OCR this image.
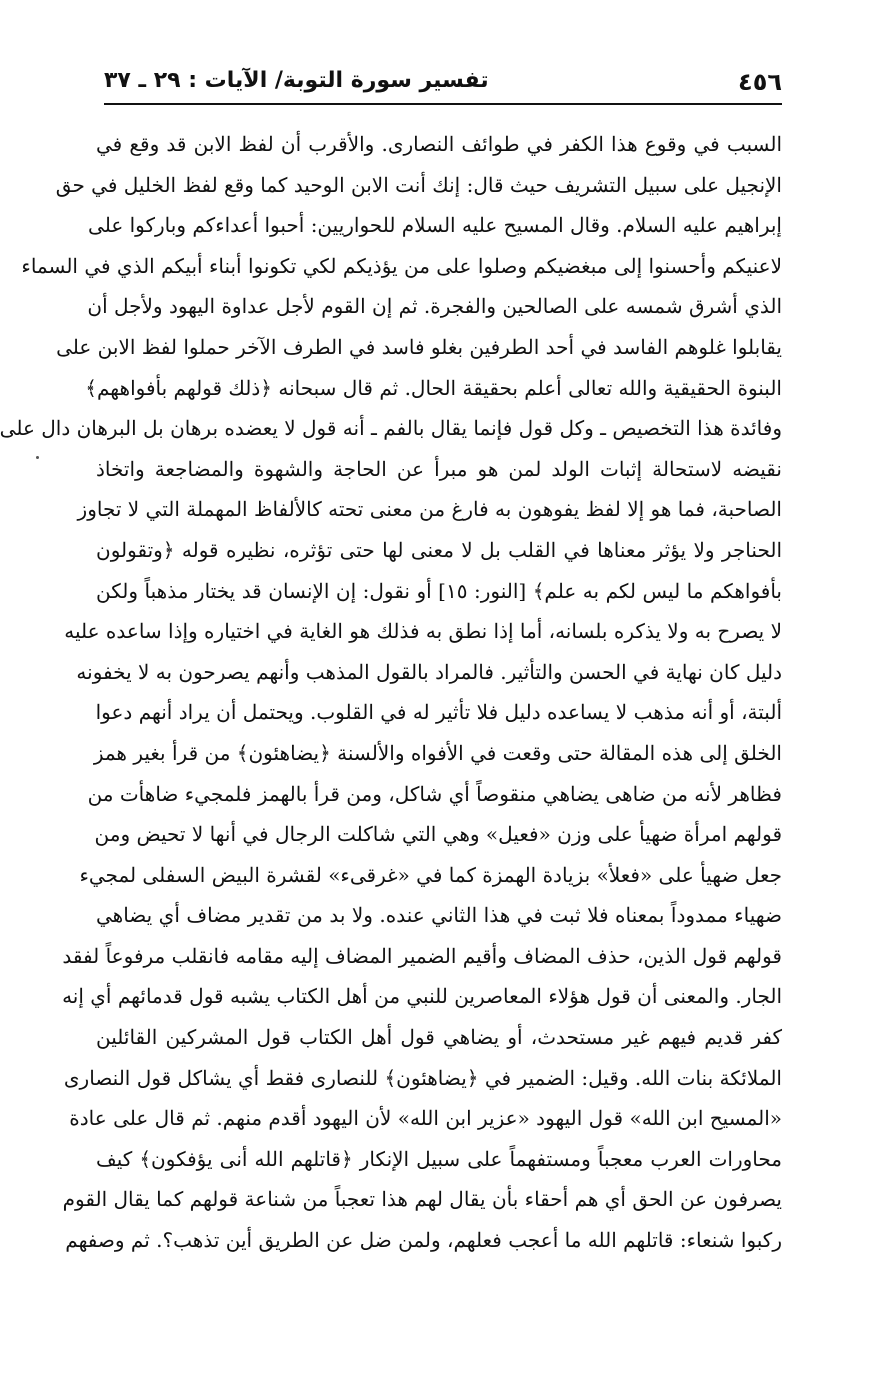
٤٥٦
تفسير سورة التوبة/ الآيات : ٢٩ ـ ٣٧
السبب في وقوع هذا الكفر في طوائف النصارى. والأقرب أن لفظ الابن قد وقع في
الإنجيل على سبيل التشريف حيث قال: إنك أنت الابن الوحيد كما وقع لفظ الخليل في حق
إبراهيم عليه السلام. وقال المسيح عليه السلام للحواريين: أحبوا أعداءكم وباركوا على
لاعنيكم وأحسنوا إلى مبغضيكم وصلوا على من يؤذيكم لكي تكونوا أبناء أبيكم الذي في السماء
الذي أشرق شمسه على الصالحين والفجرة. ثم إن القوم لأجل عداوة اليهود ولأجل أن
يقابلوا غلوهم الفاسد في أحد الطرفين بغلو فاسد في الطرف الآخر حملوا لفظ الابن على
البنوة الحقيقية والله تعالى أعلم بحقيقة الحال. ثم قال سبحانه ﴿ذلك قولهم بأفواههم﴾
وفائدة هذا التخصيص ـ وكل قول فإنما يقال بالفم ـ أنه قول لا يعضده برهان بل البرهان دال على
نقيضه لاستحالة إثبات الولد لمن هو مبرأ عن الحاجة والشهوة والمضاجعة واتخاذ
الصاحبة، فما هو إلا لفظ يفوهون به فارغ من معنى تحته كالألفاظ المهملة التي لا تجاوز
الحناجر ولا يؤثر معناها في القلب بل لا معنى لها حتى تؤثره، نظيره قوله ﴿وتقولون
بأفواهكم ما ليس لكم به علم﴾ [النور: ١٥] أو نقول: إن الإنسان قد يختار مذهباً ولكن
لا يصرح به ولا يذكره بلسانه، أما إذا نطق به فذلك هو الغاية في اختياره وإذا ساعده عليه
دليل كان نهاية في الحسن والتأثير. فالمراد بالقول المذهب وأنهم يصرحون به لا يخفونه
ألبتة، أو أنه مذهب لا يساعده دليل فلا تأثير له في القلوب. ويحتمل أن يراد أنهم دعوا
الخلق إلى هذه المقالة حتى وقعت في الأفواه والألسنة ﴿يضاهئون﴾ من قرأ بغير همز
فظاهر لأنه من ضاهى يضاهي منقوصاً أي شاكل، ومن قرأ بالهمز فلمجيء ضاهأت من
قولهم امرأة ضهيأ على وزن «فعيل» وهي التي شاكلت الرجال في أنها لا تحيض ومن
جعل ضهيأ على «فعلأ» بزيادة الهمزة كما في «غرقىء» لقشرة البيض السفلى لمجيء
ضهياء ممدوداً بمعناه فلا ثبت في هذا الثاني عنده. ولا بد من تقدير مضاف أي يضاهي
قولهم قول الذين، حذف المضاف وأقيم الضمير المضاف إليه مقامه فانقلب مرفوعاً لفقد
الجار. والمعنى أن قول هؤلاء المعاصرين للنبي من أهل الكتاب يشبه قول قدمائهم أي إنه
كفر قديم فيهم غير مستحدث، أو يضاهي قول أهل الكتاب قول المشركين القائلين
الملائكة بنات الله. وقيل: الضمير في ﴿يضاهئون﴾ للنصارى فقط أي يشاكل قول النصارى
«المسيح ابن الله» قول اليهود «عزير ابن الله» لأن اليهود أقدم منهم. ثم قال على عادة
محاورات العرب معجباً ومستفهماً على سبيل الإنكار ﴿قاتلهم الله أنى يؤفكون﴾ كيف
يصرفون عن الحق أي هم أحقاء بأن يقال لهم هذا تعجباً من شناعة قولهم كما يقال القوم
ركبوا شنعاء: قاتلهم الله ما أعجب فعلهم، ولمن ضل عن الطريق أين تذهب؟. ثم وصفهم
